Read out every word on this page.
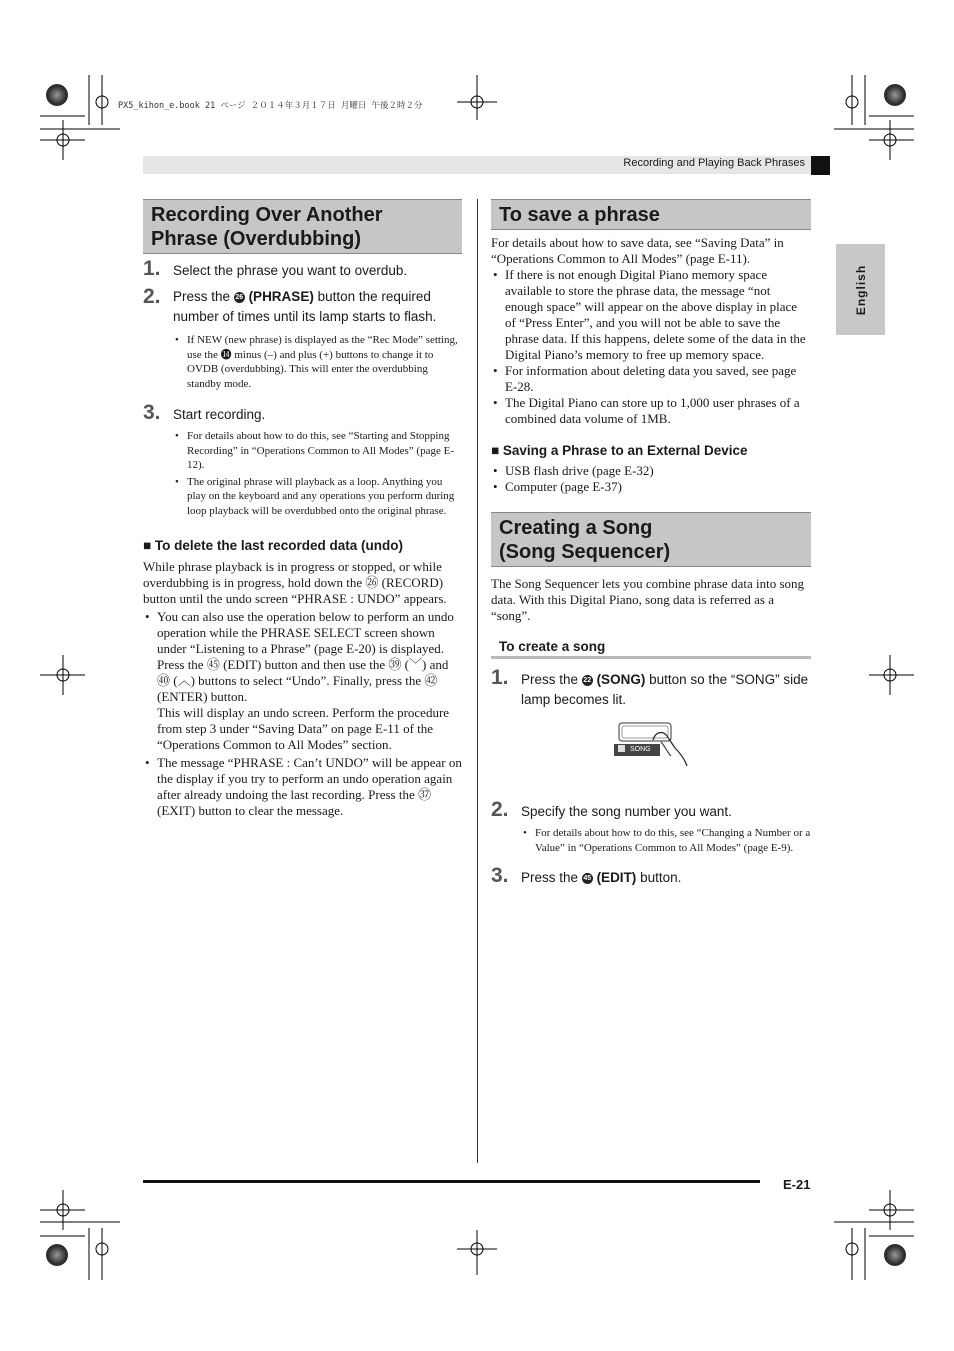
PX5_kihon_e.book 21 ページ ２０１４年３月１７日 月曜日 午後２時２分
Recording and Playing Back Phrases
English
Recording Over Another Phrase (Overdubbing)
1. Select the phrase you want to overdub.
2. Press the 26 (PHRASE) button the required number of times until its lamp starts to flash.
• If NEW (new phrase) is displayed as the “Rec Mode” setting, use the ⓮ minus (–) and plus (+) buttons to change it to OVDB (overdubbing). This will enter the overdubbing standby mode.
3. Start recording.
• For details about how to do this, see “Starting and Stopping Recording” in “Operations Common to All Modes” (page E-12).
• The original phrase will playback as a loop. Anything you play on the keyboard and any operations you perform during loop playback will be overdubbed onto the original phrase.
■ To delete the last recorded data (undo)
While phrase playback is in progress or stopped, or while overdubbing is in progress, hold down the ㉖ (RECORD) button until the undo screen “PHRASE : UNDO” appears.
• You can also use the operation below to perform an undo operation while the PHRASE SELECT screen shown under “Listening to a Phrase” (page E-20) is displayed.
Press the ㊺ (EDIT) button and then use the ㊴ (﹀) and ㊵ (︿) buttons to select “Undo”. Finally, press the ㊷ (ENTER) button.
This will display an undo screen. Perform the procedure from step 3 under “Saving Data” on page E-11 of the “Operations Common to All Modes” section.
• The message “PHRASE : Can’t UNDO” will be appear on the display if you try to perform an undo operation again after already undoing the last recording. Press the ㊲ (EXIT) button to clear the message.
To save a phrase
For details about how to save data, see “Saving Data” in “Operations Common to All Modes” (page E-11).
• If there is not enough Digital Piano memory space available to store the phrase data, the message “not enough space” will appear on the above display in place of “Press Enter”, and you will not be able to save the phrase data. If this happens, delete some of the data in the Digital Piano’s memory to free up memory space.
• For information about deleting data you saved, see page E-28.
• The Digital Piano can store up to 1,000 user phrases of a combined data volume of 1MB.
■ Saving a Phrase to an External Device
• USB flash drive (page E-32)
• Computer (page E-37)
Creating a Song
(Song Sequencer)
The Song Sequencer lets you combine phrase data into song data. With this Digital Piano, song data is referred as a “song”.
To create a song
1. Press the 22 (SONG) button so the “SONG” side lamp becomes lit.
SONG
2. Specify the song number you want.
• For details about how to do this, see “Changing a Number or a Value” in “Operations Common to All Modes” (page E-9).
3. Press the 45 (EDIT) button.
E-21
